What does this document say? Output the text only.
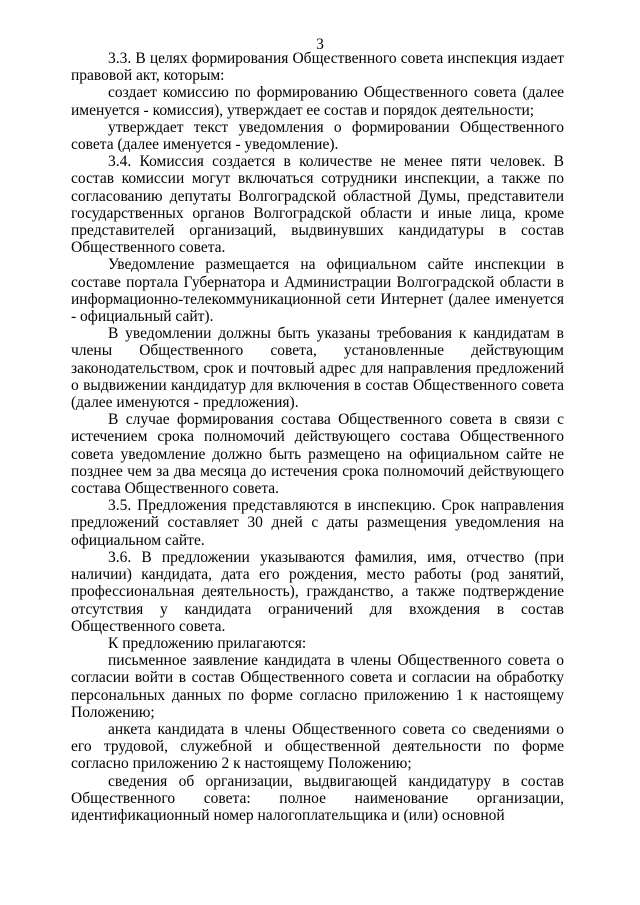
3

3.3. В целях формирования Общественного совета инспекция издает правовой акт, которым:

создает комиссию по формированию Общественного совета (далее именуется - комиссия), утверждает ее состав и порядок деятельности;

утверждает текст уведомления о формировании Общественного совета (далее именуется - уведомление).

3.4. Комиссия создается в количестве не менее пяти человек. В состав комиссии могут включаться сотрудники инспекции, а также по согласованию депутаты Волгоградской областной Думы, представители государственных органов Волгоградской области и иные лица, кроме представителей организаций, выдвинувших кандидатуры в состав Общественного совета.

Уведомление размещается на официальном сайте инспекции в составе портала Губернатора и Администрации Волгоградской области в информационно-телекоммуникационной сети Интернет (далее именуется - официальный сайт).

В уведомлении должны быть указаны требования к кандидатам в члены Общественного совета, установленные действующим законодательством, срок и почтовый адрес для направления предложений о выдвижении кандидатур для включения в состав Общественного совета (далее именуются - предложения).

В случае формирования состава Общественного совета в связи с истечением срока полномочий действующего состава Общественного совета уведомление должно быть размещено на официальном сайте не позднее чем за два месяца до истечения срока полномочий действующего состава Общественного совета.

3.5. Предложения представляются в инспекцию. Срок направления предложений составляет 30 дней с даты размещения уведомления на официальном сайте.

3.6. В предложении указываются фамилия, имя, отчество (при наличии) кандидата, дата его рождения, место работы (род занятий, профессиональная деятельность), гражданство, а также подтверждение отсутствия у кандидата ограничений для вхождения в состав Общественного совета.

К предложению прилагаются:

письменное заявление кандидата в члены Общественного совета о согласии войти в состав Общественного совета и согласии на обработку персональных данных по форме согласно приложению 1 к настоящему Положению;

анкета кандидата в члены Общественного совета со сведениями о его трудовой, служебной и общественной деятельности по форме согласно приложению 2 к настоящему Положению;

сведения об организации, выдвигающей кандидатуру в состав Общественного совета: полное наименование организации, идентификационный номер налогоплательщика и (или) основной
